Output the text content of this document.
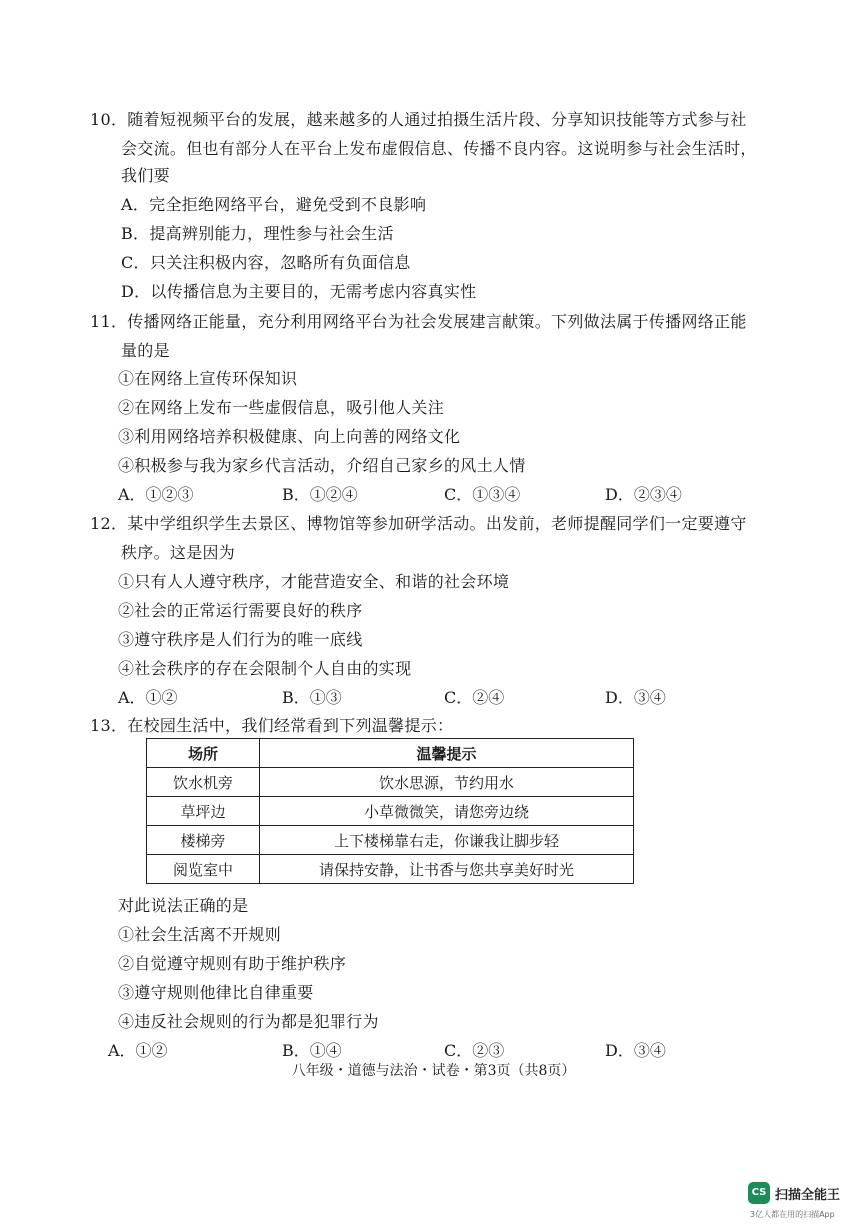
10．随着短视频平台的发展，越来越多的人通过拍摄生活片段、分享知识技能等方式参与社
会交流。但也有部分人在平台上发布虚假信息、传播不良内容。这说明参与社会生活时，
我们要
A．完全拒绝网络平台，避免受到不良影响
B．提高辨别能力，理性参与社会生活
C．只关注积极内容，忽略所有负面信息
D．以传播信息为主要目的，无需考虑内容真实性
11．传播网络正能量，充分利用网络平台为社会发展建言献策。下列做法属于传播网络正能
量的是
①在网络上宣传环保知识
②在网络上发布一些虚假信息，吸引他人关注
③利用网络培养积极健康、向上向善的网络文化
④积极参与我为家乡代言活动，介绍自己家乡的风土人情
A．①②③	B．①②④	C．①③④	D．②③④
12．某中学组织学生去景区、博物馆等参加研学活动。出发前，老师提醒同学们一定要遵守
秩序。这是因为
①只有人人遵守秩序，才能营造安全、和谐的社会环境
②社会的正常运行需要良好的秩序
③遵守秩序是人们行为的唯一底线
④社会秩序的存在会限制个人自由的实现
A．①②	B．①③	C．②④	D．③④
13．在校园生活中，我们经常看到下列温馨提示：
场所	温馨提示
饮水机旁	饮水思源，节约用水
草坪边	小草微微笑，请您旁边绕
楼梯旁	上下楼梯靠右走，你谦我让脚步轻
阅览室中	请保持安静，让书香与您共享美好时光
对此说法正确的是
①社会生活离不开规则
②自觉遵守规则有助于维护秩序
③遵守规则他律比自律重要
④违反社会规则的行为都是犯罪行为
A．①②	B．①④	C．②③	D．③④
八年级・道德与法治・试卷・第3页（共8页）
CS 扫描全能王
3亿人都在用的扫描App
